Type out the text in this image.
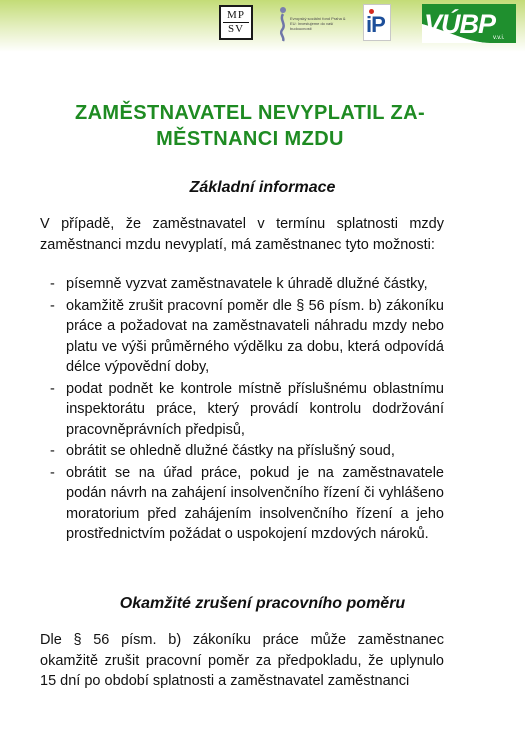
MP
SV
Evropský sociální fond Praha & EU: Investujeme do vaší budoucnosti	iP VÚBP
v.v.i.
ZAMĚSTNAVATEL NEVYPLATIL ZA-MĚSTNANCI MZDU
Základní informace

V případě, že zaměstnavatel v termínu splatnosti mzdy zaměstnanci mzdu nevyplatí, má zaměstnanec tyto možnosti:

- písemně vyzvat zaměstnavatele k úhradě dlužné částky,
- okamžitě zrušit pracovní poměr dle § 56 písm. b) zákoníku práce a požadovat na zaměstnavateli náhradu mzdy nebo platu ve výši průměrného výdělku za dobu, která odpovídá délce výpovědní doby,
- podat podnět ke kontrole místně příslušnému oblastnímu inspektorátu práce, který provádí kontrolu dodržování pracovněprávních předpisů,
- obrátit se ohledně dlužné částky na příslušný soud,
- obrátit se na úřad práce, pokud je na zaměstnavatele podán návrh na zahájení insolvenčního řízení či vyhlášeno moratorium před zahájením insolvenčního řízení a jeho prostřednictvím požádat o uspokojení mzdových nároků.
Okamžité zrušení pracovního poměru

Dle § 56 písm. b) zákoníku práce může zaměstnanec okamžitě zrušit pracovní poměr za předpokladu, že uplynulo 15 dní po období splatnosti a zaměstnavatel zaměstnanci
